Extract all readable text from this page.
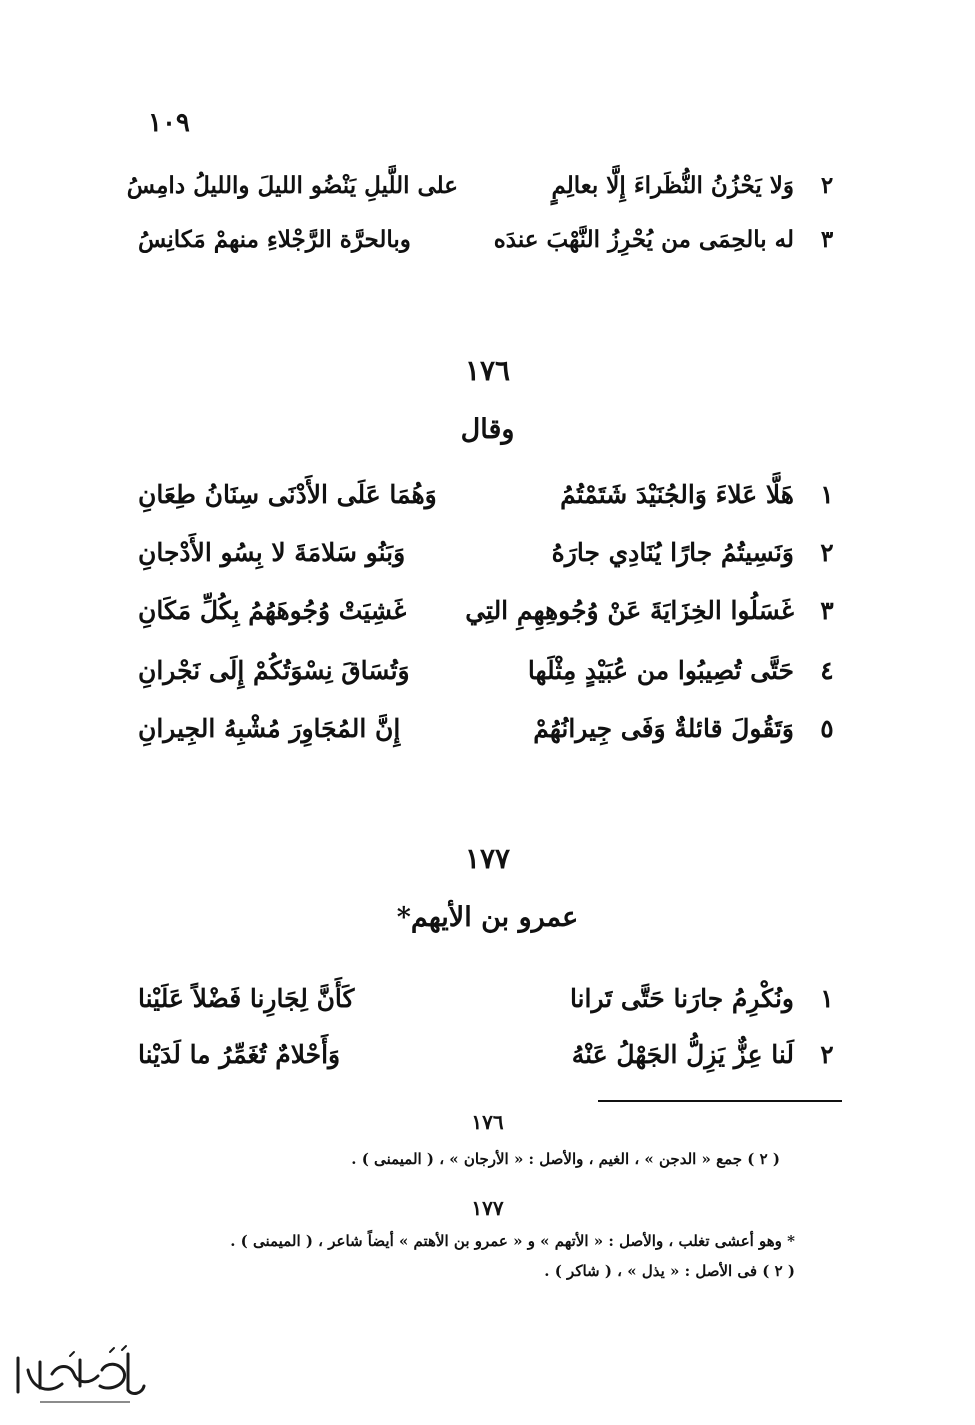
١٠٩
٢
وَلا يَحْزُنُ النُّظَراءَ إِلَّا بعالِمٍ
على اللَّيلِ يَنْضُو الليلَ والليلُ دامِسُ
٣
له بالحِمَى من يُحْرِزُ النَّهْبَ عندَه
وبالحرَّة الرَّجْلاءِ منهمْ مَكانِسُ
١٧٦
وقال
١
هَلَّا عَلاءَ وَالجُنَيْدَ شَتَمْتُمُ
وَهُمَا عَلَى الأَدْنَى سِنَانُ طِعَانِ
٢
وَنَسِيتُمُ جارًا يُنَادِي جارَهُ
وَبَنُو سَلامَةَ لا بِسُو الأَدْجانِ
٣
غَسَلُوا الخِزَايَةَ عَنْ وُجُوهِهِمِ التِي
غَشِيَتْ وُجُوهَهُمُ بِكُلِّ مَكَانِ
٤
حَتَّى تُصِيبُوا من عُبَيْدٍ مِثْلَها
وَتُسَاقَ نِسْوَتُكُمْ إِلَى نَجْرانِ
٥
وَتَقُولَ قائلةٌ وَفَى جِيرانُهُمْ
إِنَّ المُجَاوِرَ مُشْبِهُ الجِيرانِ
١٧٧
عمرو بن الأيهم*
١
ونُكْرِمُ جارَنا حَتَّى تَرانا
كَأَنَّ لِجَارِنا فَضْلاً عَلَيْنا
٢
لَنا عِزٌّ يَزِلُّ الجَهْلُ عَنْهُ
وَأَحْلامٌ تُغَمِّرُ ما لَدَيْنا
١٧٦
( ٢ ) جمع « الدجن » ، الغيم ، والأصل : « الأرجان » ، ( الميمنى ) .
١٧٧
* وهو أعشى تغلب ، والأصل : « الأتهم » و « عمرو بن الأهتم » أيضاً شاعر ، ( الميمنى ) .
( ٢ ) فى الأصل : « يذل » ، ( شاكر ) .
